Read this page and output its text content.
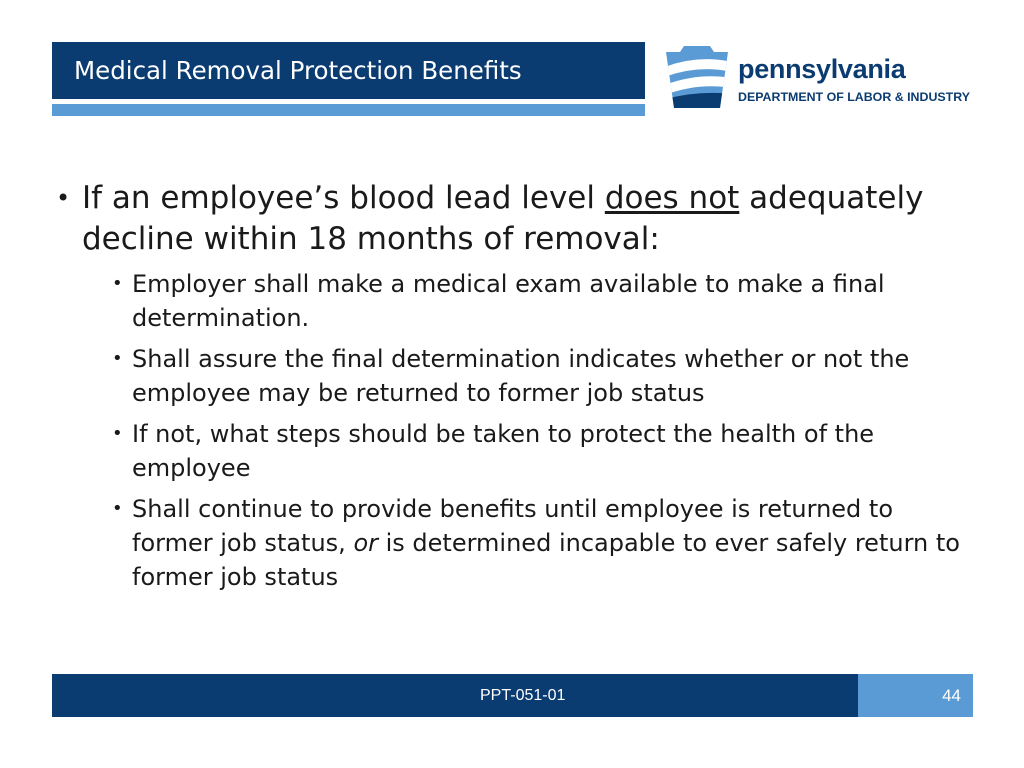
Medical Removal Protection Benefits	pennsylvania
DEPARTMENT OF LABOR & INDUSTRY
• If an employee’s blood lead level does not adequately decline within 18 months of removal:
• Employer shall make a medical exam available to make a final determination.
• Shall assure the final determination indicates whether or not the employee may be returned to former job status
• If not, what steps should be taken to protect the health of the employee
• Shall continue to provide benefits until employee is returned to former job status, or is determined incapable to ever safely return to former job status
PPT-051-01	44
